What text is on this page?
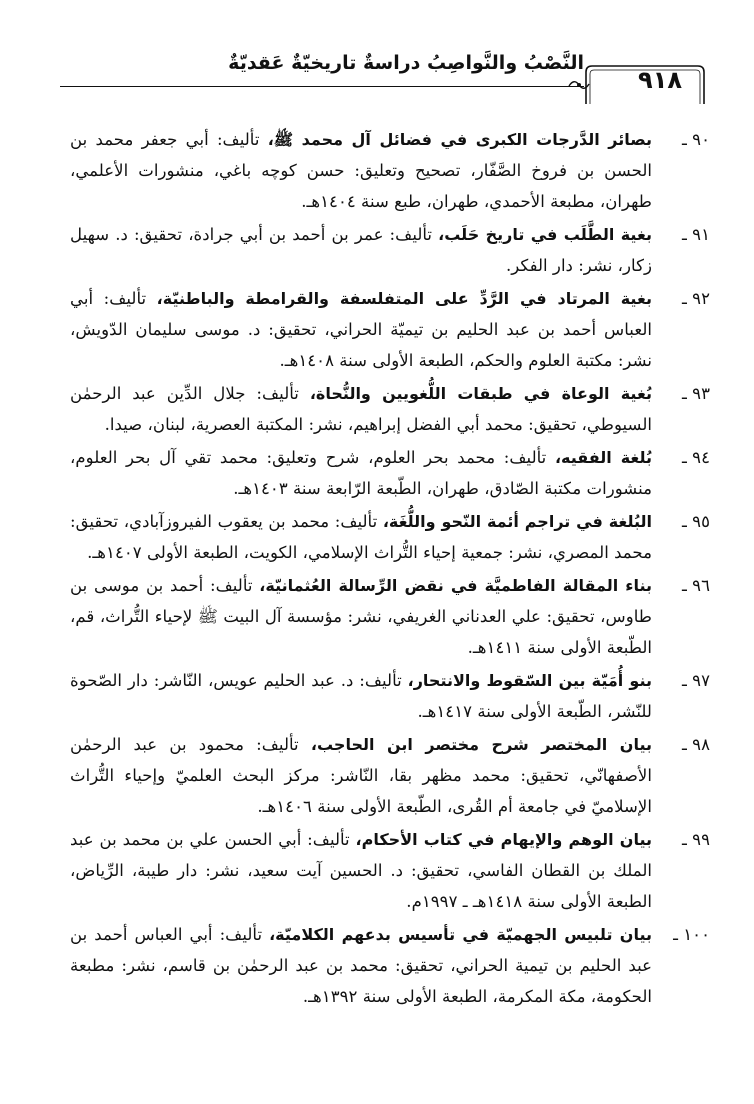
النَّصْبُ والنَّواصِبُ دراسةٌ تاريخيّةٌ عَقديّةٌ
٩١٨
٩٠ ـ
بصائر الدَّرجات الكبرى في فضائل آل محمد ﷺ، تأليف: أبي جعفر محمد بن الحسن بن فروخ الصَّفّار، تصحيح وتعليق: حسن كوچه باغي، منشورات الأعلمي، طهران، مطبعة الأحمدي، طهران، طبع سنة ١٤٠٤هـ.
٩١ ـ
بغية الطَّلَب في تاريخ حَلَب، تأليف: عمر بن أحمد بن أبي جرادة، تحقيق: د. سهيل زكار، نشر: دار الفكر.
٩٢ ـ
بغية المرتاد في الرَّدِّ على المتفلسفة والقرامطة والباطنيّة، تأليف: أبي العباس أحمد بن عبد الحليم بن تيميّة الحراني، تحقيق: د. موسى سليمان الدّويش، نشر: مكتبة العلوم والحكم، الطبعة الأولى سنة ١٤٠٨هـ.
٩٣ ـ
بُغية الوعاة في طبقات اللُّغويين والنُّحاة، تأليف: جلال الدِّين عبد الرحمٰن السيوطي، تحقيق: محمد أبي الفضل إبراهيم، نشر: المكتبة العصرية، لبنان، صيدا.
٩٤ ـ
بُلغة الفقيه، تأليف: محمد بحر العلوم، شرح وتعليق: محمد تقي آل بحر العلوم، منشورات مكتبة الصّادق، طهران، الطّبعة الرّابعة سنة ١٤٠٣هـ.
٩٥ ـ
البُلغة في تراجم أئمة النّحو واللُّغَة، تأليف: محمد بن يعقوب الفيروزآبادي، تحقيق: محمد المصري، نشر: جمعية إحياء التُّراث الإسلامي، الكويت، الطبعة الأولى ١٤٠٧هـ.
٩٦ ـ
بناء المقالة الفاطميَّة في نقض الرِّسالة العُثمانيّة، تأليف: أحمد بن موسى بن طاوس، تحقيق: علي العدناني الغريفي، نشر: مؤسسة آل البيت ﷺ لإحياء التُّراث، قم، الطّبعة الأولى سنة ١٤١١هـ.
٩٧ ـ
بنو أُمَيّة بين السّقوط والانتحار، تأليف: د. عبد الحليم عويس، النّاشر: دار الصّحوة للنّشر، الطّبعة الأولى سنة ١٤١٧هـ.
٩٨ ـ
بيان المختصر شرح مختصر ابن الحاجب، تأليف: محمود بن عبد الرحمٰن الأصفهانّي، تحقيق: محمد مظهر بقا، النّاشر: مركز البحث العلميّ وإحياء التُّراث الإسلاميّ في جامعة أم القُرى، الطّبعة الأولى سنة ١٤٠٦هـ.
٩٩ ـ
بيان الوهم والإيهام في كتاب الأحكام، تأليف: أبي الحسن علي بن محمد بن عبد الملك بن القطان الفاسي، تحقيق: د. الحسين آيت سعيد، نشر: دار طيبة، الرِّياض، الطبعة الأولى سنة ١٤١٨هـ ـ ١٩٩٧م.
١٠٠ ـ
بيان تلبيس الجهميّة في تأسيس بدعهم الكلاميّة، تأليف: أبي العباس أحمد بن عبد الحليم بن تيمية الحراني، تحقيق: محمد بن عبد الرحمٰن بن قاسم، نشر: مطبعة الحكومة، مكة المكرمة، الطبعة الأولى سنة ١٣٩٢هـ.
